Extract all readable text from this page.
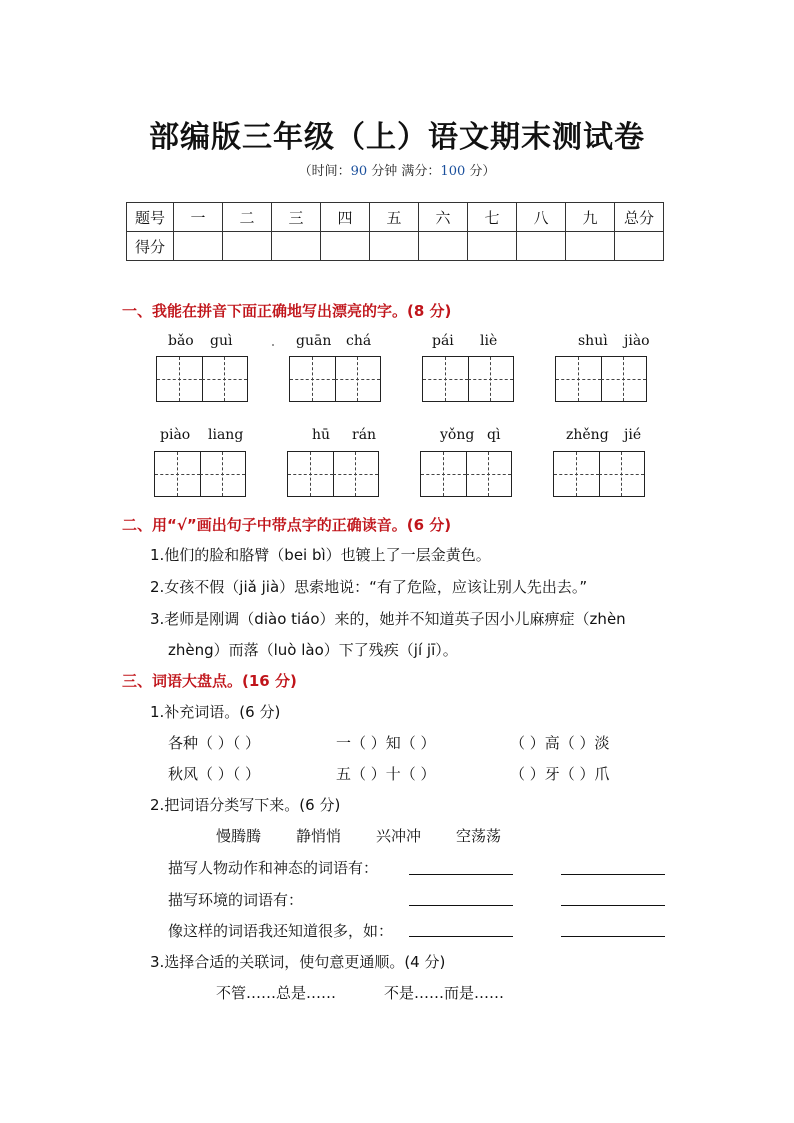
部编版三年级（上）语文期末测试卷
（时间：90 分钟 满分：100 分）
题号	一	二	三	四	五	六	七	八	九	总分
得分										
一、我能在拼音下面正确地写出漂亮的字。(8 分)
bǎo guì	guān chá	pái liè	shuì jiào
piào liang	hū rán	yǒng qì	zhěng jié
二、用“√”画出句子中带点字的正确读音。(6 分)
1.他们的脸和胳臂（bei bì）也镀上了一层金黄色。
2.女孩不假（jiǎ jià）思索地说：“有了危险，应该让别人先出去。”
3.老师是刚调（diào tiáo）来的，她并不知道英子因小儿麻痹症（zhèn
zhèng）而落（luò lào）下了残疾（jí jī）。
三、词语大盘点。(16 分)
1.补充词语。(6 分)
各种（ ）（ ）	一（ ）知（ ）	（ ）高（ ）淡
秋风（ ）（ ）	五（ ）十（ ）	（ ）牙（ ）爪
2.把词语分类写下来。(6 分)
慢腾腾 静悄悄 兴冲冲 空荡荡
描写人物动作和神态的词语有：
描写环境的词语有：
像这样的词语我还知道很多，如：
3.选择合适的关联词，使句意更通顺。(4 分)
不管……总是……	不是……而是……
